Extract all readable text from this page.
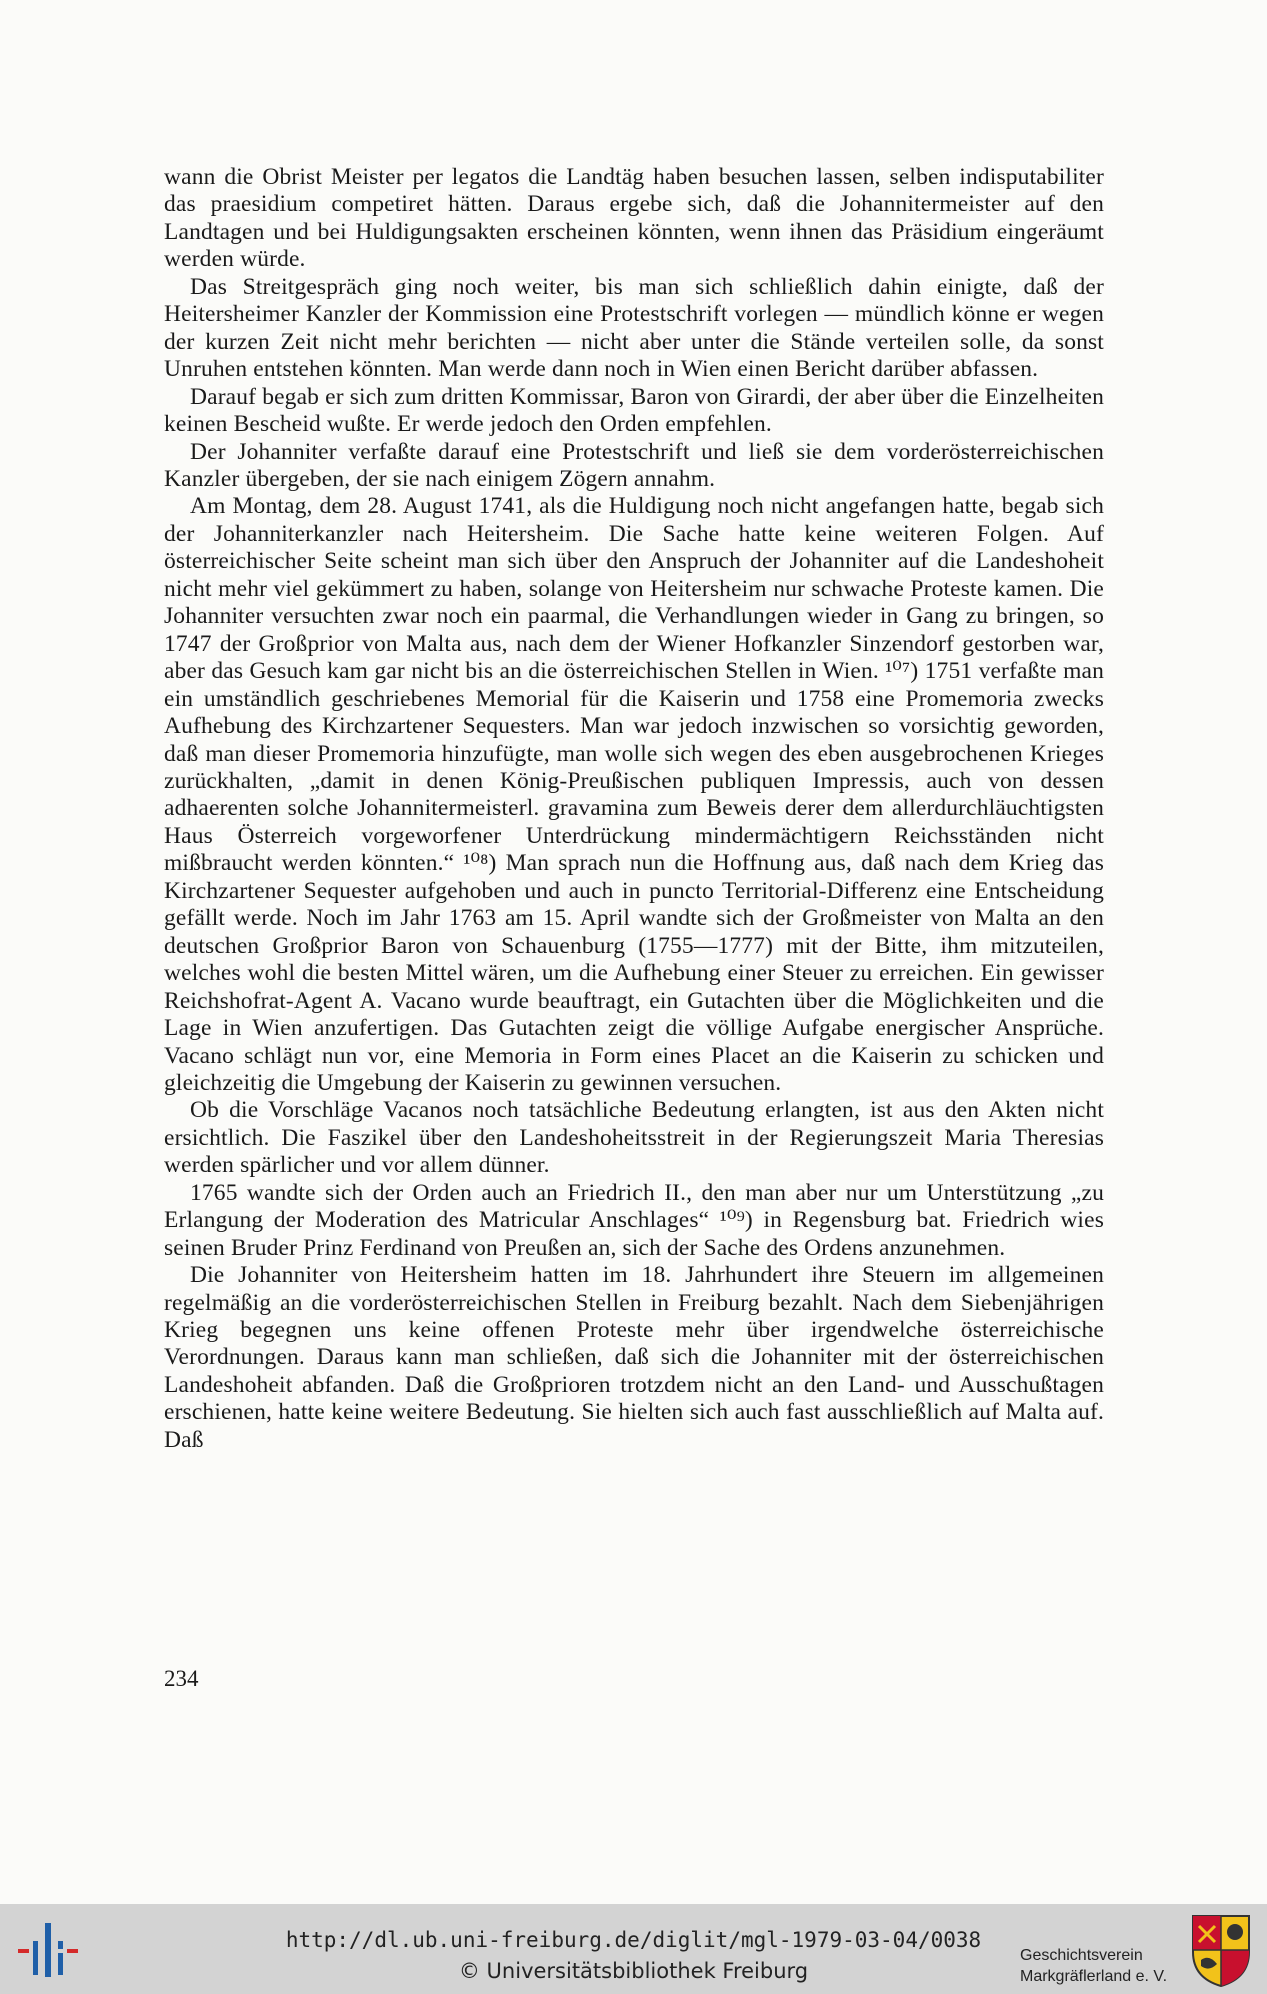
wann die Obrist Meister per legatos die Landtäg haben besuchen lassen, selben indisputabiliter das praesidium competiret hätten. Daraus ergebe sich, daß die Johannitermeister auf den Landtagen und bei Huldigungsakten erscheinen könnten, wenn ihnen das Präsidium eingeräumt werden würde.

Das Streitgespräch ging noch weiter, bis man sich schließlich dahin einigte, daß der Heitersheimer Kanzler der Kommission eine Protestschrift vorlegen — mündlich könne er wegen der kurzen Zeit nicht mehr berichten — nicht aber unter die Stände verteilen solle, da sonst Unruhen entstehen könnten. Man werde dann noch in Wien einen Bericht darüber abfassen.

Darauf begab er sich zum dritten Kommissar, Baron von Girardi, der aber über die Einzelheiten keinen Bescheid wußte. Er werde jedoch den Orden empfehlen.

Der Johanniter verfaßte darauf eine Protestschrift und ließ sie dem vorderösterreichischen Kanzler übergeben, der sie nach einigem Zögern annahm.

Am Montag, dem 28. August 1741, als die Huldigung noch nicht angefangen hatte, begab sich der Johanniterkanzler nach Heitersheim. Die Sache hatte keine weiteren Folgen. Auf österreichischer Seite scheint man sich über den Anspruch der Johanniter auf die Landeshoheit nicht mehr viel gekümmert zu haben, solange von Heitersheim nur schwache Proteste kamen. Die Johanniter versuchten zwar noch ein paarmal, die Verhandlungen wieder in Gang zu bringen, so 1747 der Großprior von Malta aus, nach dem der Wiener Hofkanzler Sinzendorf gestorben war, aber das Gesuch kam gar nicht bis an die österreichischen Stellen in Wien. ¹⁰⁷) 1751 verfaßte man ein umständlich geschriebenes Memorial für die Kaiserin und 1758 eine Promemoria zwecks Aufhebung des Kirchzartener Sequesters. Man war jedoch inzwischen so vorsichtig geworden, daß man dieser Promemoria hinzufügte, man wolle sich wegen des eben ausgebrochenen Krieges zurückhalten, „damit in denen König-Preußischen publiquen Impressis, auch von dessen adhaerenten solche Johannitermeisterl. gravamina zum Beweis derer dem allerdurchläuchtigsten Haus Österreich vorgeworfener Unterdrückung mindermächtigern Reichsständen nicht mißbraucht werden könnten.“ ¹⁰⁸) Man sprach nun die Hoffnung aus, daß nach dem Krieg das Kirchzartener Sequester aufgehoben und auch in puncto Territorial-Differenz eine Entscheidung gefällt werde. Noch im Jahr 1763 am 15. April wandte sich der Großmeister von Malta an den deutschen Großprior Baron von Schauenburg (1755—1777) mit der Bitte, ihm mitzuteilen, welches wohl die besten Mittel wären, um die Aufhebung einer Steuer zu erreichen. Ein gewisser Reichshofrat-Agent A. Vacano wurde beauftragt, ein Gutachten über die Möglichkeiten und die Lage in Wien anzufertigen. Das Gutachten zeigt die völlige Aufgabe energischer Ansprüche. Vacano schlägt nun vor, eine Memoria in Form eines Placet an die Kaiserin zu schicken und gleichzeitig die Umgebung der Kaiserin zu gewinnen versuchen.

Ob die Vorschläge Vacanos noch tatsächliche Bedeutung erlangten, ist aus den Akten nicht ersichtlich. Die Faszikel über den Landeshoheitsstreit in der Regierungszeit Maria Theresias werden spärlicher und vor allem dünner.

1765 wandte sich der Orden auch an Friedrich II., den man aber nur um Unterstützung „zu Erlangung der Moderation des Matricular Anschlages“ ¹⁰⁹) in Regensburg bat. Friedrich wies seinen Bruder Prinz Ferdinand von Preußen an, sich der Sache des Ordens anzunehmen.

Die Johanniter von Heitersheim hatten im 18. Jahrhundert ihre Steuern im allgemeinen regelmäßig an die vorderösterreichischen Stellen in Freiburg bezahlt. Nach dem Siebenjährigen Krieg begegnen uns keine offenen Proteste mehr über irgendwelche österreichische Verordnungen. Daraus kann man schließen, daß sich die Johanniter mit der österreichischen Landeshoheit abfanden. Daß die Großprioren trotzdem nicht an den Land- und Ausschußtagen erschienen, hatte keine weitere Bedeutung. Sie hielten sich auch fast ausschließlich auf Malta auf. Daß

234
http://dl.ub.uni-freiburg.de/diglit/mgl-1979-03-04/0038
© Universitätsbibliothek Freiburg
Geschichtsverein
Markgräflerland e. V.
